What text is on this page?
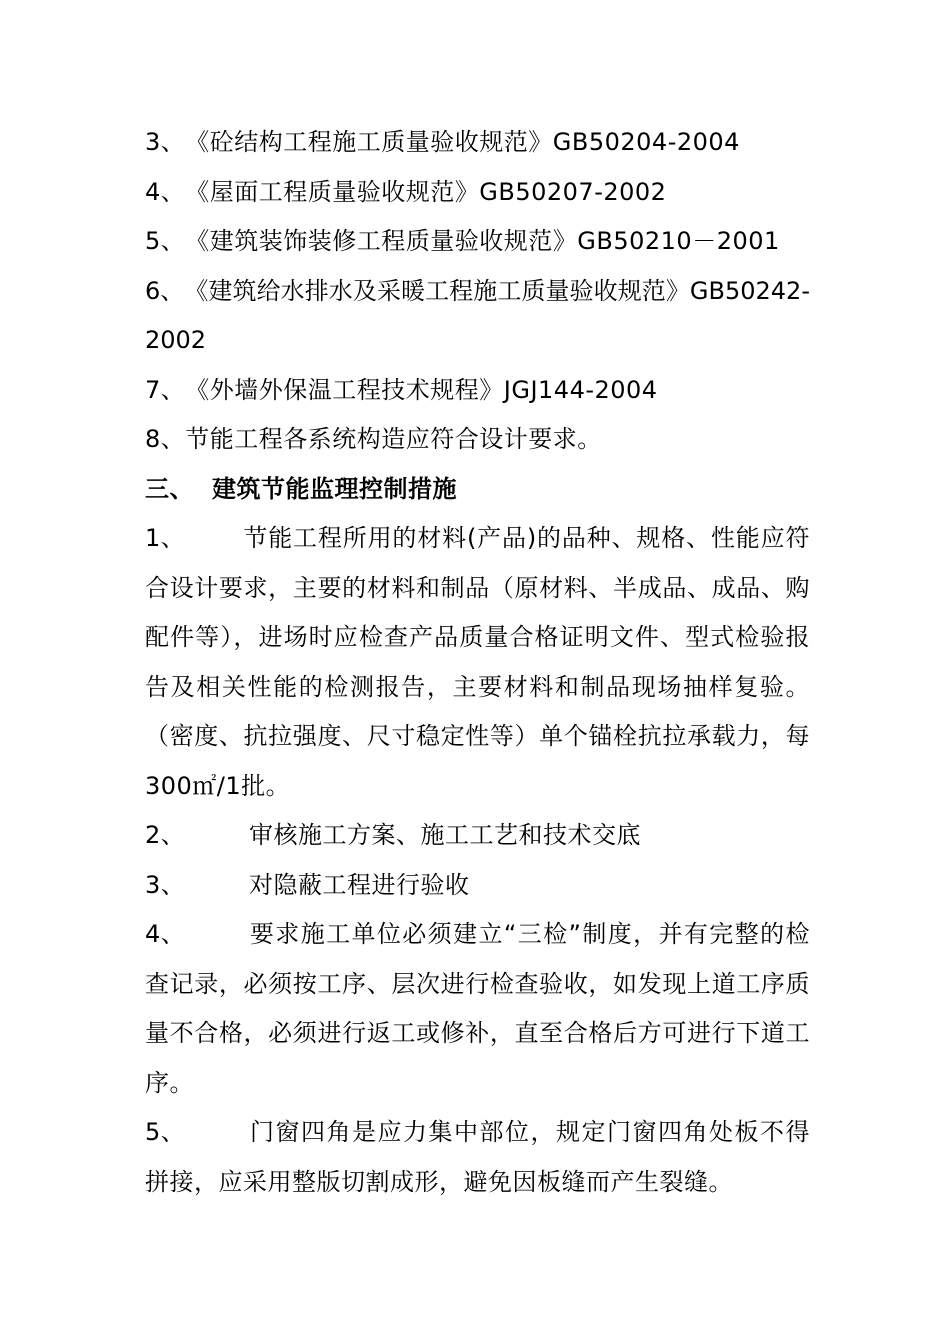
3、《砼结构工程施工质量验收规范》GB50204-2004
4、《屋面工程质量验收规范》GB50207-2002
5、《建筑装饰装修工程质量验收规范》GB50210－2001
6、《建筑给水排水及采暖工程施工质量验收规范》GB50242-2002
7、《外墙外保温工程技术规程》JGJ144-2004
8、节能工程各系统构造应符合设计要求。
三、 建筑节能监理控制措施
1、 节能工程所用的材料(产品)的品种、规格、性能应符合设计要求，主要的材料和制品（原材料、半成品、成品、购配件等），进场时应检查产品质量合格证明文件、型式检验报告及相关性能的检测报告，主要材料和制品现场抽样复验。（密度、抗拉强度、尺寸稳定性等）单个锚栓抗拉承载力，每300㎡/1批。
2、	审核施工方案、施工工艺和技术交底
3、	对隐蔽工程进行验收
4、	要求施工单位必须建立“三检”制度，并有完整的检查记录，必须按工序、层次进行检查验收，如发现上道工序质量不合格，必须进行返工或修补，直至合格后方可进行下道工序。
5、	门窗四角是应力集中部位，规定门窗四角处板不得拼接，应采用整版切割成形，避免因板缝而产生裂缝。
